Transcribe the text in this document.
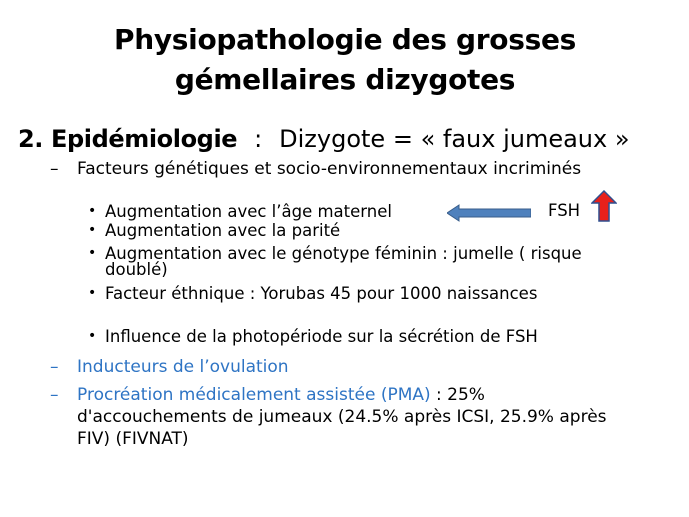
Physiopathologie des grosses
gémellaires dizygotes
2. Epidémiologie : Dizygote = « faux jumeaux »
–	Facteurs génétiques et socio-environnementaux incriminés
• Augmentation avec l’âge maternel	FSH
• Augmentation avec la parité
• Augmentation avec le génotype féminin : jumelle ( risque
doublé)
• Facteur éthnique : Yorubas 45 pour 1000 naissances
• Influence de la photopériode sur la sécrétion de FSH
–	Inducteurs de l’ovulation
–	Procréation médicalement assistée (PMA) : 25%
d'accouchements de jumeaux (24.5% après ICSI, 25.9% après
FIV) (FIVNAT)
